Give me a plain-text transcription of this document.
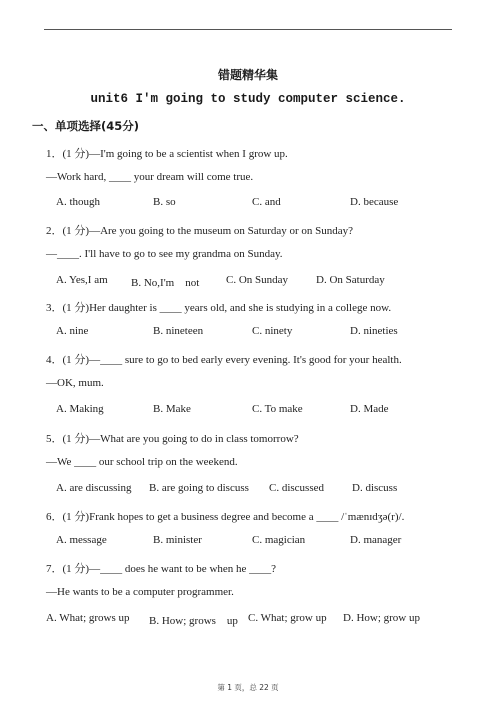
错题精华集
unit6 I'm going to study computer science.
一、单项选择(45分)
1．(1 分)—I'm going to be a scientist when I grow up.
—Work hard, ____ your dream will come true.
A. though	B. so	C. and	D. because
2．(1 分)—Are you going to the museum on Saturday or on Sunday?
—____. I'll have to go to see my grandma on Sunday.
A. Yes,I am B. No,I'm　not C. On Sunday	D. On Saturday
3．(1 分)Her daughter is ____ years old, and she is studying in a college now.
A. nine	B. nineteen	C. ninety	D. nineties
4．(1 分)—____ sure to go to bed early every evening. It's good for your health.
—OK, mum.
A. Making	B. Make	C. To make	D. Made
5．(1 分)—What are you going to do in class tomorrow?
—We ____ our school trip on the weekend.
A. are discussing B. are going to discuss C. discussed	D. discuss
6．(1 分)Frank hopes to get a business degree and become a ____ /ˈmænɪdʒə(r)/.
A. message	B. minister	C. magician	D. manager
7．(1 分)—____ does he want to be when he ____?
—He wants to be a computer programmer.
A. What; grows up B. How; grows　up C. What; grow up D. How; grow up
第 1 页，总 22 页
